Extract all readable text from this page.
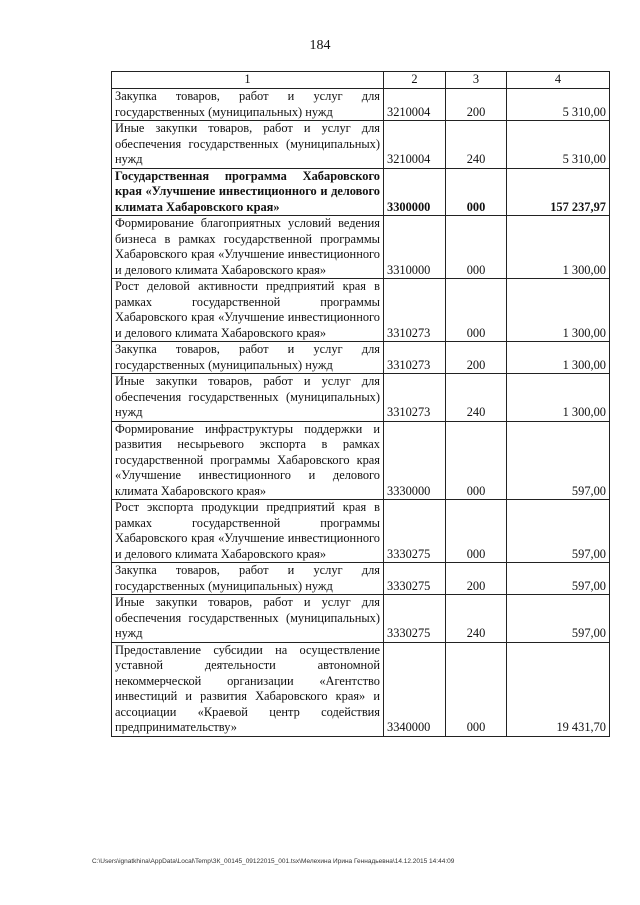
184
1	2	3	4
Закупка товаров, работ и услуг для государственных (муниципальных) нужд	3210004	200	5 310,00
Иные закупки товаров, работ и услуг для обеспечения государственных (муниципальных) нужд	3210004	240	5 310,00
Государственная программа Хабаровского края «Улучшение инвестиционного и делового климата Хабаровского края»	3300000	000	157 237,97
Формирование благоприятных условий ведения бизнеса в рамках государственной программы Хабаровского края «Улучшение инвестиционного и делового климата Хабаровского края»	3310000	000	1 300,00
Рост деловой активности предприятий края в рамках государственной программы Хабаровского края «Улучшение инвестиционного и делового климата Хабаровского края»	3310273	000	1 300,00
Закупка товаров, работ и услуг для государственных (муниципальных) нужд	3310273	200	1 300,00
Иные закупки товаров, работ и услуг для обеспечения государственных (муниципальных) нужд	3310273	240	1 300,00
Формирование инфраструктуры поддержки и развития несырьевого экспорта в рамках государственной программы Хабаровского края «Улучшение инвестиционного и делового климата Хабаровского края»	3330000	000	597,00
Рост экспорта продукции предприятий края в рамках государственной программы Хабаровского края «Улучшение инвестиционного и делового климата Хабаровского края»	3330275	000	597,00
Закупка товаров, работ и услуг для государственных (муниципальных) нужд	3330275	200	597,00
Иные закупки товаров, работ и услуг для обеспечения государственных (муниципальных) нужд	3330275	240	597,00
Предоставление субсидии на осуществление уставной деятельности автономной некоммерческой организации «Агентство инвестиций и развития Хабаровского края» и ассоциации «Краевой центр содействия предпринимательству»	3340000	000	19 431,70
C:\Users\ignatkhina\AppData\Local\Temp\ЗК_00145_09122015_001.tsx\Мелехина Ирина Геннадьевна\14.12.2015 14:44:09
